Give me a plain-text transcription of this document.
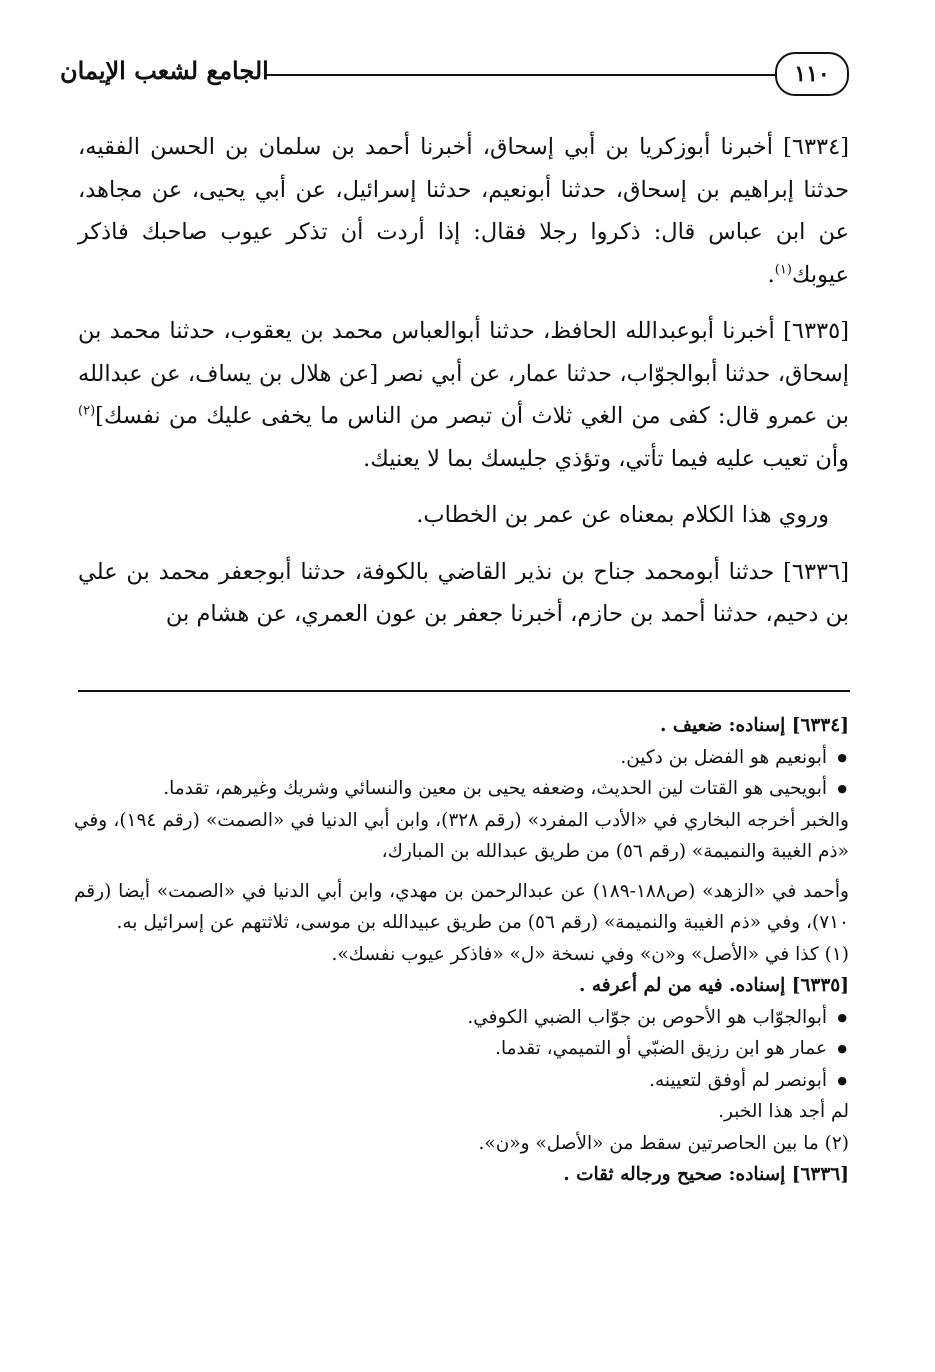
١١٠
الجامع لشعب الإيمان

[٦٣٣٤] أخبرنا أبوزكريا بن أبي إسحاق، أخبرنا أحمد بن سلمان بن الحسن الفقيه، حدثنا إبراهيم بن إسحاق، حدثنا أبونعيم، حدثنا إسرائيل، عن أبي يحيى، عن مجاهد، عن ابن عباس قال: ذكروا رجلا فقال: إذا أردت أن تذكر عيوب صاحبك فاذكر عيوبك$^{(١)}$.

[٦٣٣٥] أخبرنا أبوعبدالله الحافظ، حدثنا أبوالعباس محمد بن يعقوب، حدثنا محمد بن إسحاق، حدثنا أبوالجوّاب، حدثنا عمار، عن أبي نصر [عن هلال بن يساف، عن عبدالله بن عمرو قال: كفى من الغي ثلاث أن تبصر من الناس ما يخفى عليك من نفسك]$^{(٢)}$ وأن تعيب عليه فيما تأتي، وتؤذي جليسك بما لا يعنيك.

وروي هذا الكلام بمعناه عن عمر بن الخطاب.

[٦٣٣٦] حدثنا أبومحمد جناح بن نذير القاضي بالكوفة، حدثنا أبوجعفر محمد بن علي بن دحيم، حدثنا أحمد بن حازم، أخبرنا جعفر بن عون العمري، عن هشام بن

[٦٣٣٤] إسناده: ضعيف .

● أبونعيم هو الفضل بن دكين.

● أبويحيى هو القتات لين الحديث، وضعفه يحيى بن معين والنسائي وشريك وغيرهم، تقدما.

والخبر أخرجه البخاري في «الأدب المفرد» (رقم ٣٢٨)، وابن أبي الدنيا في «الصمت» (رقم ١٩٤)، وفي «ذم الغيبة والنميمة» (رقم ٥٦) من طريق عبدالله بن المبارك،

وأحمد في «الزهد» (ص١٨٨-١٨٩) عن عبدالرحمن بن مهدي، وابن أبي الدنيا في «الصمت» أيضا (رقم ٧١٠)، وفي «ذم الغيبة والنميمة» (رقم ٥٦) من طريق عبيدالله بن موسى، ثلاثتهم عن إسرائيل به.

(١) كذا في «الأصل» و«ن» وفي نسخة «ل» «فاذكر عيوب نفسك».

[٦٣٣٥] إسناده. فيه من لم أعرفه .

● أبوالجوّاب هو الأحوص بن جوّاب الضبي الكوفي.

● عمار هو ابن رزيق الضبّي أو التميمي، تقدما.

● أبونصر لم أوفق لتعيينه.

لم أجد هذا الخبر.

(٢) ما بين الحاصرتين سقط من «الأصل» و«ن».

[٦٣٣٦] إسناده: صحيح ورجاله ثقات .
